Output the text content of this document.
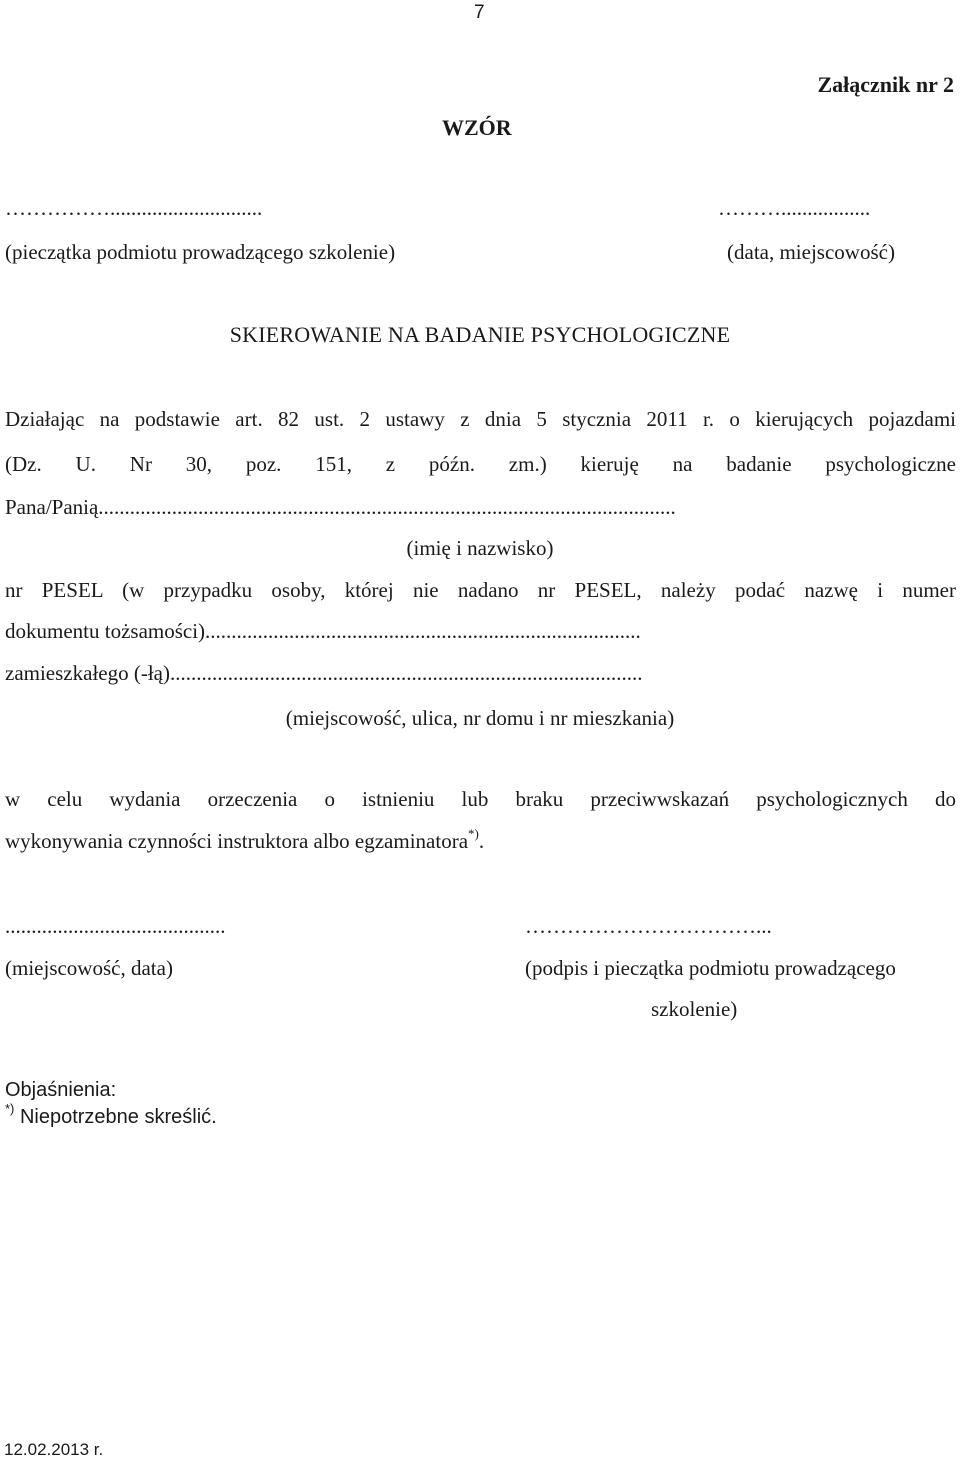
7
Załącznik nr 2
WZÓR
…………….............................
(pieczątka podmiotu prowadzącego szkolenie)
……….................
(data, miejscowość)
SKIEROWANIE NA BADANIE PSYCHOLOGICZNE
Działając na podstawie art. 82 ust. 2 ustawy z dnia 5 stycznia 2011 r. o kierujących pojazdami
(Dz. U. Nr 30, poz. 151, z późn. zm.) kieruję na badanie psychologiczne
Pana/Panią..............................................................................................................
(imię i nazwisko)
nr PESEL (w przypadku osoby, której nie nadano nr PESEL, należy podać nazwę i numer
dokumentu tożsamości)...................................................................................
zamieszkałego (-łą)..........................................................................................
(miejscowość, ulica, nr domu i nr mieszkania)
w celu wydania orzeczenia o istnieniu lub braku przeciwwskazań psychologicznych do
wykonywania czynności instruktora albo egzaminatora*).
..........................................
(miejscowość, data)
……………………………...
(podpis i pieczątka podmiotu prowadzącego
szkolenie)
Objaśnienia:
*) Niepotrzebne skreślić.
12.02.2013 r.
